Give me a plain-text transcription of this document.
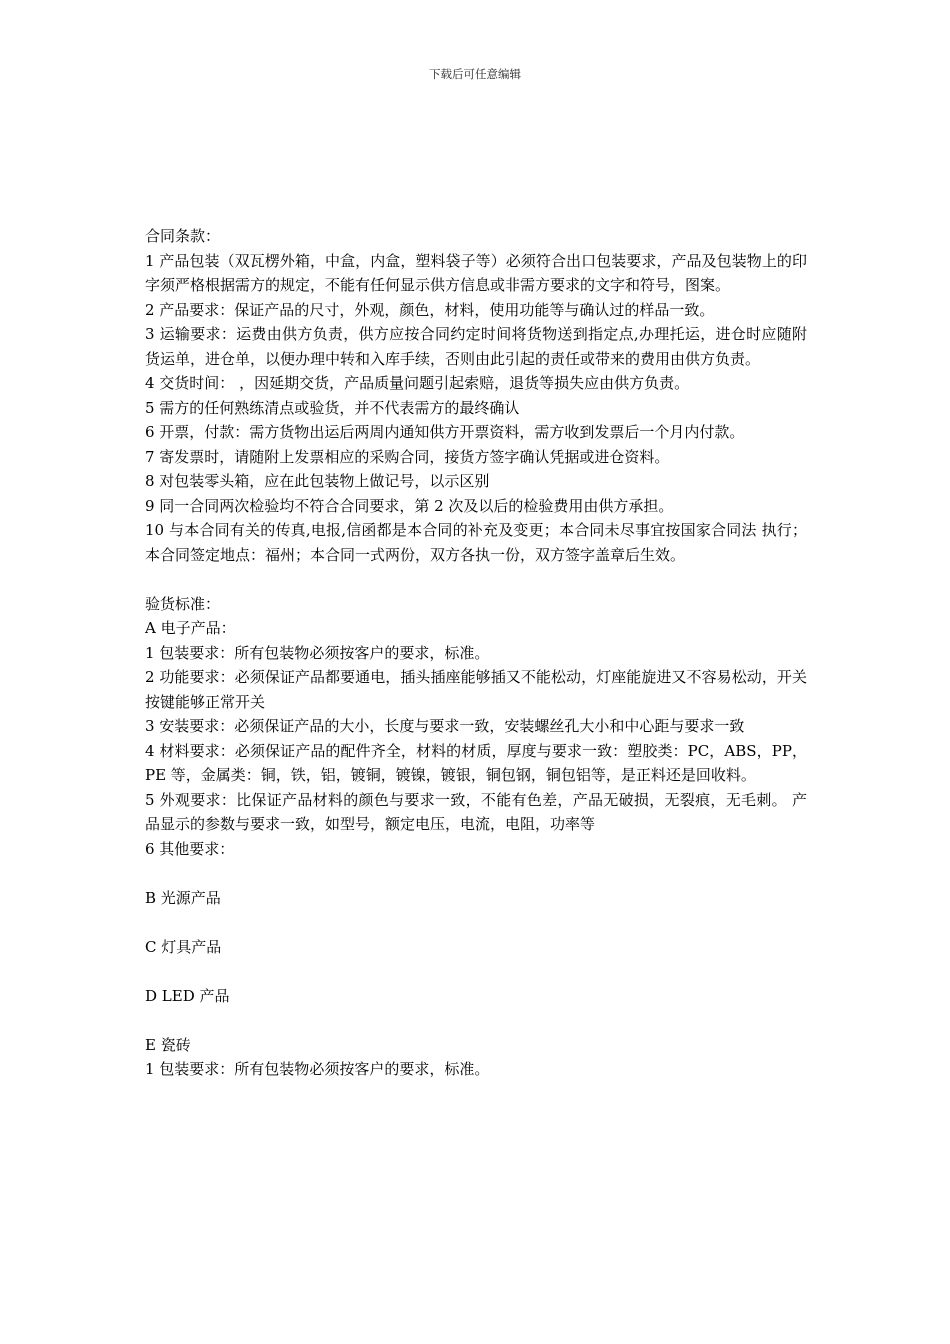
下载后可任意编辑

合同条款：

1 产品包装（双瓦楞外箱，中盒，内盒，塑料袋子等）必须符合出口包装要求，产品及包装物上的印字须严格根据需方的规定，不能有任何显示供方信息或非需方要求的文字和符号，图案。

2 产品要求：保证产品的尺寸，外观，颜色，材料，使用功能等与确认过的样品一致。

3 运输要求：运费由供方负责，供方应按合同约定时间将货物送到指定点,办理托运，进仓时应随附货运单，进仓单，以便办理中转和入库手续，否则由此引起的责任或带来的费用由供方负责。

4 交货时间： ，因延期交货，产品质量问题引起索赔，退货等损失应由供方负责。

5 需方的任何熟练清点或验货，并不代表需方的最终确认

6 开票，付款：需方货物出运后两周内通知供方开票资料，需方收到发票后一个月内付款。

7 寄发票时，请随附上发票相应的采购合同，接货方签字确认凭据或进仓资料。

8 对包装零头箱，应在此包装物上做记号，以示区别

9 同一合同两次检验均不符合合同要求，第 2 次及以后的检验费用由供方承担。

10 与本合同有关的传真,电报,信函都是本合同的补充及变更；本合同未尽事宜按国家合同法 执行；本合同签定地点：福州；本合同一式两份，双方各执一份，双方签字盖章后生效。

验货标准：

A 电子产品：

1 包装要求：所有包装物必须按客户的要求，标准。

2 功能要求：必须保证产品都要通电，插头插座能够插又不能松动，灯座能旋进又不容易松动，开关按键能够正常开关

3 安装要求：必须保证产品的大小，长度与要求一致，安装螺丝孔大小和中心距与要求一致

4 材料要求：必须保证产品的配件齐全，材料的材质，厚度与要求一致：塑胶类：PC，ABS，PP，PE 等，金属类：铜，铁，铝，镀铜，镀镍，镀银，铜包钢，铜包铝等，是正料还是回收料。

5 外观要求：比保证产品材料的颜色与要求一致，不能有色差，产品无破损，无裂痕，无毛刺。 产品显示的参数与要求一致，如型号，额定电压，电流，电阻，功率等

6 其他要求：

B 光源产品

C 灯具产品

D LED 产品

E 瓷砖

1 包装要求：所有包装物必须按客户的要求，标准。
